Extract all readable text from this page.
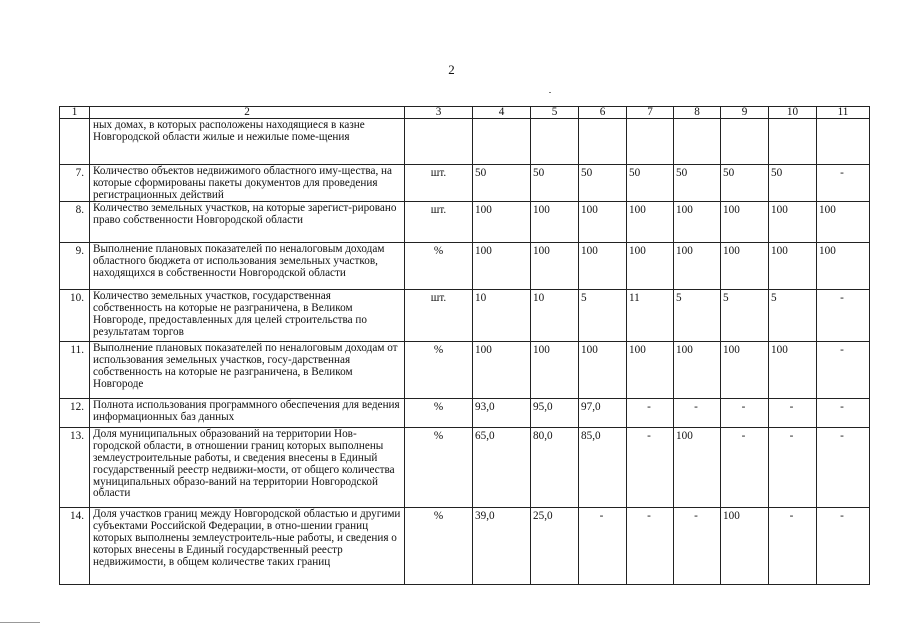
2
1	2	3	4	5	6	7	8	9	10	11
	ных домах, в которых расположены находящиеся в казне Новгородской области жилые и нежилые поме-щения									
7.	Количество объектов недвижимого областного иму-щества, на которые сформированы пакеты документов для проведения регистрационных действий	шт.	50	50	50	50	50	50	50	-
8.	Количество земельных участков, на которые зарегист-рировано право собственности Новгородской области	шт.	100	100	100	100	100	100	100	100
9.	Выполнение плановых показателей по неналоговым доходам областного бюджета от использования земельных участков, находящихся в собственности Новгородской области	%	100	100	100	100	100	100	100	100
10.	Количество земельных участков, государственная собственность на которые не разграничена, в Великом Новгороде, предоставленных для целей строительства по результатам торгов	шт.	10	10	5	11	5	5	5	-
11.	Выполнение плановых показателей по неналоговым доходам от использования земельных участков, госу-дарственная собственность на которые не разграничена, в Великом Новгороде	%	100	100	100	100	100	100	100	-
12.	Полнота использования программного обеспечения для ведения информационных баз данных	%	93,0	95,0	97,0	-	-	-	-	-
13.	Доля муниципальных образований на территории Нов-городской области, в отношении границ которых выполнены землеустроительные работы, и сведения внесены в Единый государственный реестр недвижи-мости, от общего количества муниципальных образо-ваний на территории Новгородской области	%	65,0	80,0	85,0	-	100	-	-	-
14.	Доля участков границ между Новгородской областью и другими субъектами Российской Федерации, в отно-шении границ которых выполнены землеустроитель-ные работы, и сведения о которых внесены в Единый государственный реестр недвижимости, в общем количестве таких границ	%	39,0	25,0	-	-	-	100	-	-
